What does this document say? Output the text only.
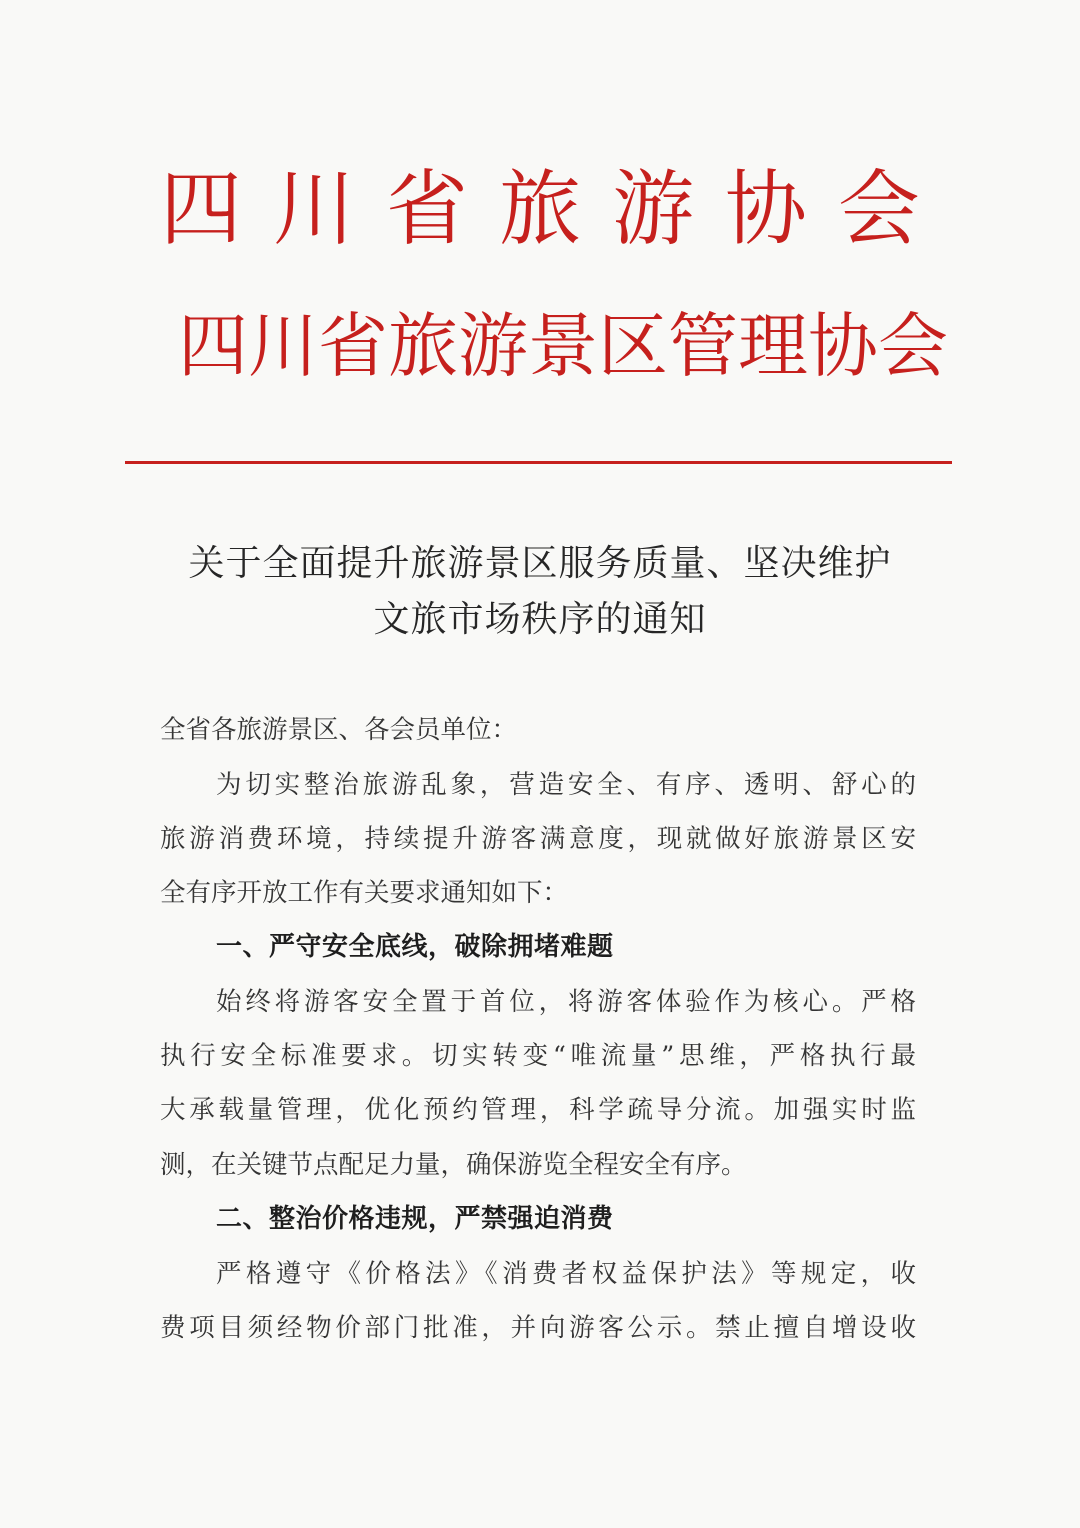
四 川 省 旅 游 协 会
四 川 省 旅 游 景 区 管 理 协 会
关于全面提升旅游景区服务质量、坚决维护
文旅市场秩序的通知
全省各旅游景区、各会员单位：
为切实整治旅游乱象，营造安全、有序、透明、舒心的
旅游消费环境，持续提升游客满意度，现就做好旅游景区安
全有序开放工作有关要求通知如下：
一、严守安全底线，破除拥堵难题
始终将游客安全置于首位，将游客体验作为核心。严格
执行安全标准要求。切实转变“唯流量”思维，严格执行最
大承载量管理，优化预约管理，科学疏导分流。加强实时监
测，在关键节点配足力量，确保游览全程安全有序。
二、整治价格违规，严禁强迫消费
严格遵守《价格法》《消费者权益保护法》等规定，收
费项目须经物价部门批准，并向游客公示。禁止擅自增设收
